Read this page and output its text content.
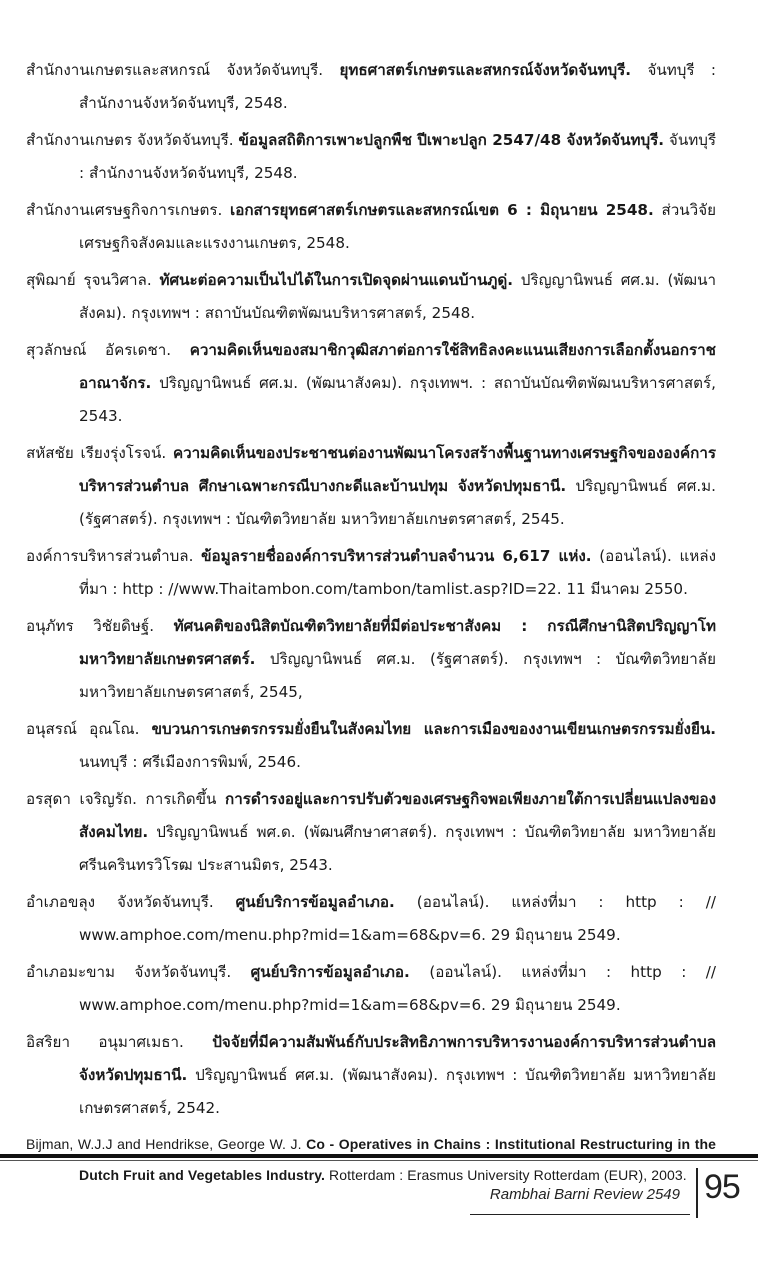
สำนักงานเกษตรและสหกรณ์ จังหวัดจันทบุรี. ยุทธศาสตร์เกษตรและสหกรณ์จังหวัดจันทบุรี. จันทบุรี : สำนักงานจังหวัดจันทบุรี, 2548.

สำนักงานเกษตร จังหวัดจันทบุรี. ข้อมูลสถิติการเพาะปลูกพืช ปีเพาะปลูก 2547/48 จังหวัดจันทบุรี. จันทบุรี : สำนักงานจังหวัดจันทบุรี, 2548.

สำนักงานเศรษฐกิจการเกษตร. เอกสารยุทธศาสตร์เกษตรและสหกรณ์เขต 6 : มิถุนายน 2548. ส่วนวิจัยเศรษฐกิจสังคมและแรงงานเกษตร, 2548.

สุพิฌาย์ รุจนวิศาล. ทัศนะต่อความเป็นไปได้ในการเปิดจุดผ่านแดนบ้านภูดู่. ปริญญานิพนธ์ ศศ.ม. (พัฒนาสังคม). กรุงเทพฯ : สถาบันบัณฑิตพัฒนบริหารศาสตร์, 2548.

สุวลักษณ์ อัครเดชา. ความคิดเห็นของสมาชิกวุฒิสภาต่อการใช้สิทธิลงคะแนนเสียงการเลือกตั้งนอกราชอาณาจักร. ปริญญานิพนธ์ ศศ.ม. (พัฒนาสังคม). กรุงเทพฯ. : สถาบันบัณฑิตพัฒนบริหารศาสตร์, 2543.

สหัสชัย เรียงรุ่งโรจน์. ความคิดเห็นของประชาชนต่องานพัฒนาโครงสร้างพื้นฐานทางเศรษฐกิจขององค์การบริหารส่วนตำบล ศึกษาเฉพาะกรณีบางกะดีและบ้านปทุม จังหวัดปทุมธานี. ปริญญานิพนธ์ ศศ.ม. (รัฐศาสตร์). กรุงเทพฯ : บัณฑิตวิทยาลัย มหาวิทยาลัยเกษตรศาสตร์, 2545.

องค์การบริหารส่วนตำบล. ข้อมูลรายชื่อองค์การบริหารส่วนตำบลจำนวน 6,617 แห่ง. (ออนไลน์). แหล่งที่มา : http : //www.Thaitambon.com/tambon/tamlist.asp?ID=22. 11 มีนาคม 2550.

อนุภัทร วิชัยดิษฐ์. ทัศนคติของนิสิตบัณฑิตวิทยาลัยที่มีต่อประชาสังคม : กรณีศึกษานิสิตปริญญาโทมหาวิทยาลัยเกษตรศาสตร์. ปริญญานิพนธ์ ศศ.ม. (รัฐศาสตร์). กรุงเทพฯ : บัณฑิตวิทยาลัย มหาวิทยาลัยเกษตรศาสตร์, 2545,

อนุสรณ์ อุณโณ. ขบวนการเกษตรกรรมยั่งยืนในสังคมไทย และการเมืองของงานเขียนเกษตรกรรมยั่งยืน. นนทบุรี : ศรีเมืองการพิมพ์, 2546.

อรสุดา เจริญรัถ. การเกิดขึ้น การดำรงอยู่และการปรับตัวของเศรษฐกิจพอเพียงภายใต้การเปลี่ยนแปลงของสังคมไทย. ปริญญานิพนธ์ พศ.ด. (พัฒนศึกษาศาสตร์). กรุงเทพฯ : บัณฑิตวิทยาลัย มหาวิทยาลัยศรีนครินทรวิโรฒ ประสานมิตร, 2543.

อำเภอขลุง จังหวัดจันทบุรี. ศูนย์บริการข้อมูลอำเภอ. (ออนไลน์). แหล่งที่มา : http : // www.amphoe.com/menu.php?mid=1&am=68&pv=6. 29 มิถุนายน 2549.

อำเภอมะขาม จังหวัดจันทบุรี. ศูนย์บริการข้อมูลอำเภอ. (ออนไลน์). แหล่งที่มา : http : // www.amphoe.com/menu.php?mid=1&am=68&pv=6. 29 มิถุนายน 2549.

อิสริยา อนุมาศเมธา. ปัจจัยที่มีความสัมพันธ์กับประสิทธิภาพการบริหารงานองค์การบริหารส่วนตำบล จังหวัดปทุมธานี. ปริญญานิพนธ์ ศศ.ม. (พัฒนาสังคม). กรุงเทพฯ : บัณฑิตวิทยาลัย มหาวิทยาลัยเกษตรศาสตร์, 2542.

Bijman, W.J.J and Hendrikse, George W. J. Co - Operatives in Chains : Institutional Restructuring in the Dutch Fruit and Vegetables Industry. Rotterdam : Erasmus University Rotterdam (EUR), 2003.

Rambhai Barni Review 2549 95
